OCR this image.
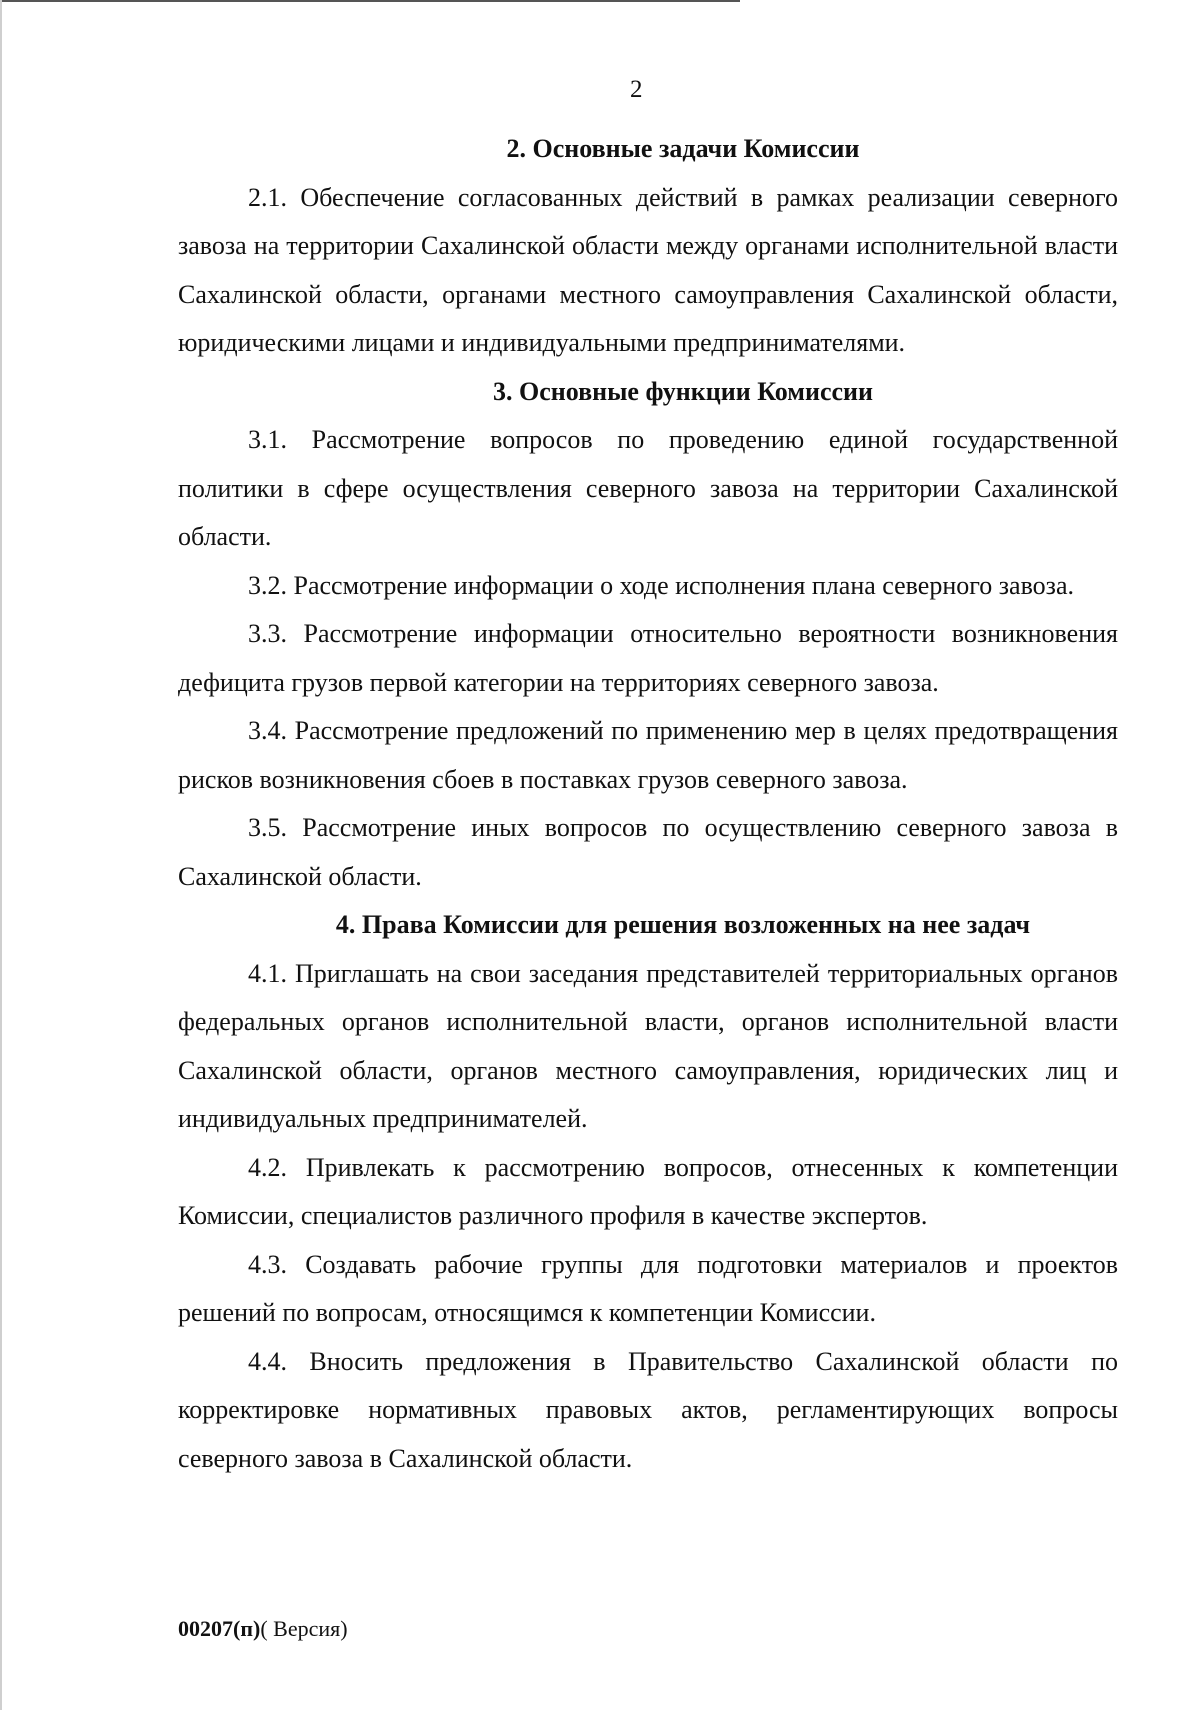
2
2. Основные задачи Комиссии

2.1. Обеспечение согласованных действий в рамках реализации северного завоза на территории Сахалинской области между органами исполнительной власти Сахалинской области, органами местного самоуправления Сахалинской области, юридическими лицами и индивидуальными предпринимателями.

3. Основные функции Комиссии

3.1. Рассмотрение вопросов по проведению единой государственной политики в сфере осуществления северного завоза на территории Сахалинской области.

3.2. Рассмотрение информации о ходе исполнения плана северного завоза.

3.3. Рассмотрение информации относительно вероятности возникновения дефицита грузов первой категории на территориях северного завоза.

3.4. Рассмотрение предложений по применению мер в целях предотвращения рисков возникновения сбоев в поставках грузов северного завоза.

3.5. Рассмотрение иных вопросов по осуществлению северного завоза в Сахалинской области.

4. Права Комиссии для решения возложенных на нее задач

4.1. Приглашать на свои заседания представителей территориальных органов федеральных органов исполнительной власти, органов исполнительной власти Сахалинской области, органов местного самоуправления, юридических лиц и индивидуальных предпринимателей.

4.2. Привлекать к рассмотрению вопросов, отнесенных к компетенции Комиссии, специалистов различного профиля в качестве экспертов.

4.3. Создавать рабочие группы для подготовки материалов и проектов решений по вопросам, относящимся к компетенции Комиссии.

4.4. Вносить предложения в Правительство Сахалинской области по корректировке нормативных правовых актов, регламентирующих вопросы северного завоза в Сахалинской области.

00207(п)( Версия)
